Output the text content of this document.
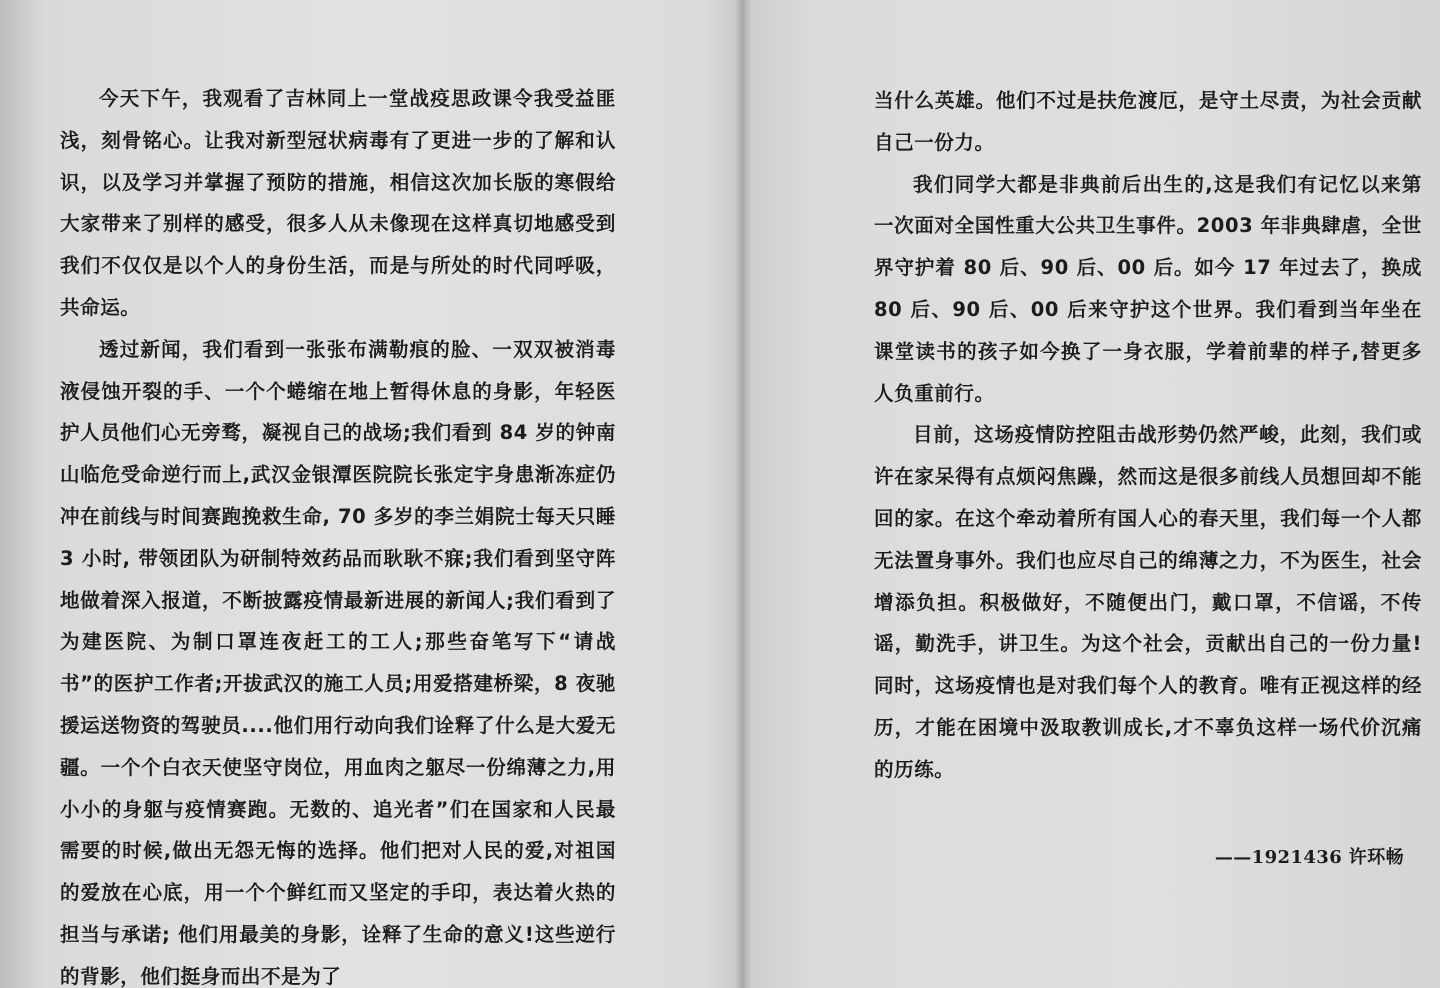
今天下午，我观看了吉林同上一堂战疫思政课令我受益匪浅，刻骨铭心。让我对新型冠状病毒有了更进一步的了解和认识，以及学习并掌握了预防的措施，相信这次加长版的寒假给大家带来了别样的感受，很多人从未像现在这样真切地感受到我们不仅仅是以个人的身份生活，而是与所处的时代同呼吸，共命运。

透过新闻，我们看到一张张布满勒痕的脸、一双双被消毒液侵蚀开裂的手、一个个蜷缩在地上暂得休息的身影，年轻医护人员他们心无旁骛，凝视自己的战场;我们看到 84 岁的钟南山临危受命逆行而上,武汉金银潭医院院长张定宇身患渐冻症仍冲在前线与时间赛跑挽救生命, 70 多岁的李兰娟院士每天只睡 3 小时, 带领团队为研制特效药品而耿耿不寐;我们看到坚守阵地做着深入报道，不断披露疫情最新进展的新闻人;我们看到了为建医院、为制口罩连夜赶工的工人;那些奋笔写下“请战书”的医护工作者;开拔武汉的施工人员;用爱搭建桥梁，8 夜驰援运送物资的驾驶员....他们用行动向我们诠释了什么是大爱无疆。一个个白衣天使坚守岗位，用血肉之躯尽一份绵薄之力,用小小的身躯与疫情赛跑。无数的、追光者”们在国家和人民最需要的时候,做出无怨无悔的选择。他们把对人民的爱,对祖国的爱放在心底，用一个个鲜红而又坚定的手印，表达着火热的担当与承诺; 他们用最美的身影，诠释了生命的意义!这些逆行的背影，他们挺身而出不是为了

当什么英雄。他们不过是扶危渡厄，是守土尽责，为社会贡献自己一份力。

我们同学大都是非典前后出生的,这是我们有记忆以来第一次面对全国性重大公共卫生事件。2003 年非典肆虐，全世界守护着 80 后、90 后、00 后。如今 17 年过去了，换成 80 后、90 后、00 后来守护这个世界。我们看到当年坐在课堂读书的孩子如今换了一身衣服，学着前辈的样子,替更多人负重前行。

目前，这场疫情防控阻击战形势仍然严峻，此刻，我们或许在家呆得有点烦闷焦躁，然而这是很多前线人员想回却不能回的家。在这个牵动着所有国人心的春天里，我们每一个人都无法置身事外。我们也应尽自己的绵薄之力，不为医生，社会增添负担。积极做好，不随便出门，戴口罩，不信谣，不传谣，勤洗手，讲卫生。为这个社会，贡献出自己的一份力量!同时，这场疫情也是对我们每个人的教育。唯有正视这样的经历，才能在困境中汲取教训成长,才不辜负这样一场代价沉痛的历练。

——1921436 许环畅
